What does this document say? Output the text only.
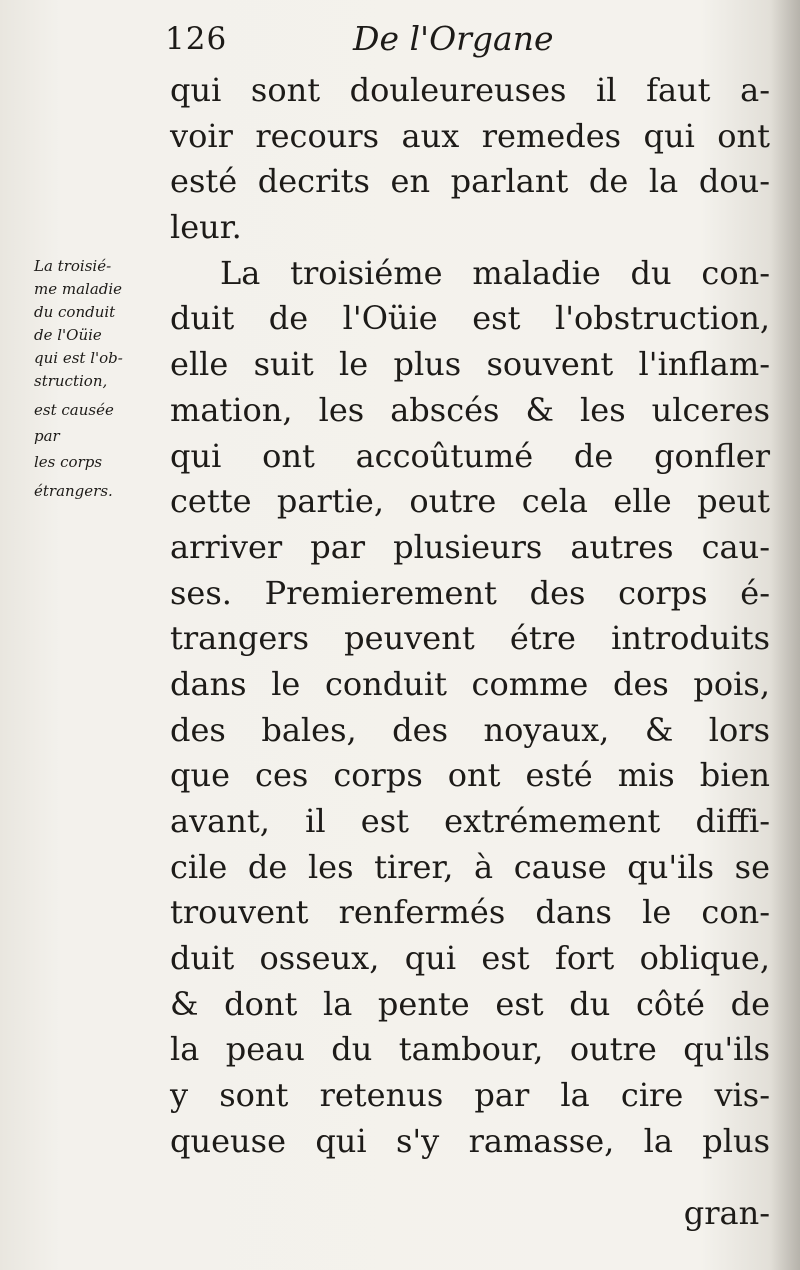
126	De l'Organe
La troisié-
me maladie
du conduit
de l'Oüie
qui est l'ob-
struction,
est causée
par
les corps
étrangers.
qui sont douleureuses il faut a-
voir recours aux remedes qui ont
esté decrits en parlant de la dou-
leur.
La troisiéme maladie du con-
duit de l'Oüie est l'obstruction,
elle suit le plus souvent l'inflam-
mation, les abscés & les ulceres
qui ont accoûtumé de gonfler
cette partie, outre cela elle peut
arriver par plusieurs autres cau-
ses. Premierement des corps é-
trangers peuvent étre introduits
dans le conduit comme des pois,
des bales, des noyaux, & lors
que ces corps ont esté mis bien
avant, il est extrémement diffi-
cile de les tirer, à cause qu'ils se
trouvent renfermés dans le con-
duit osseux, qui est fort oblique,
& dont la pente est du côté de
la peau du tambour, outre qu'ils
y sont retenus par la cire vis-
queuse qui s'y ramasse, la plus
gran-
